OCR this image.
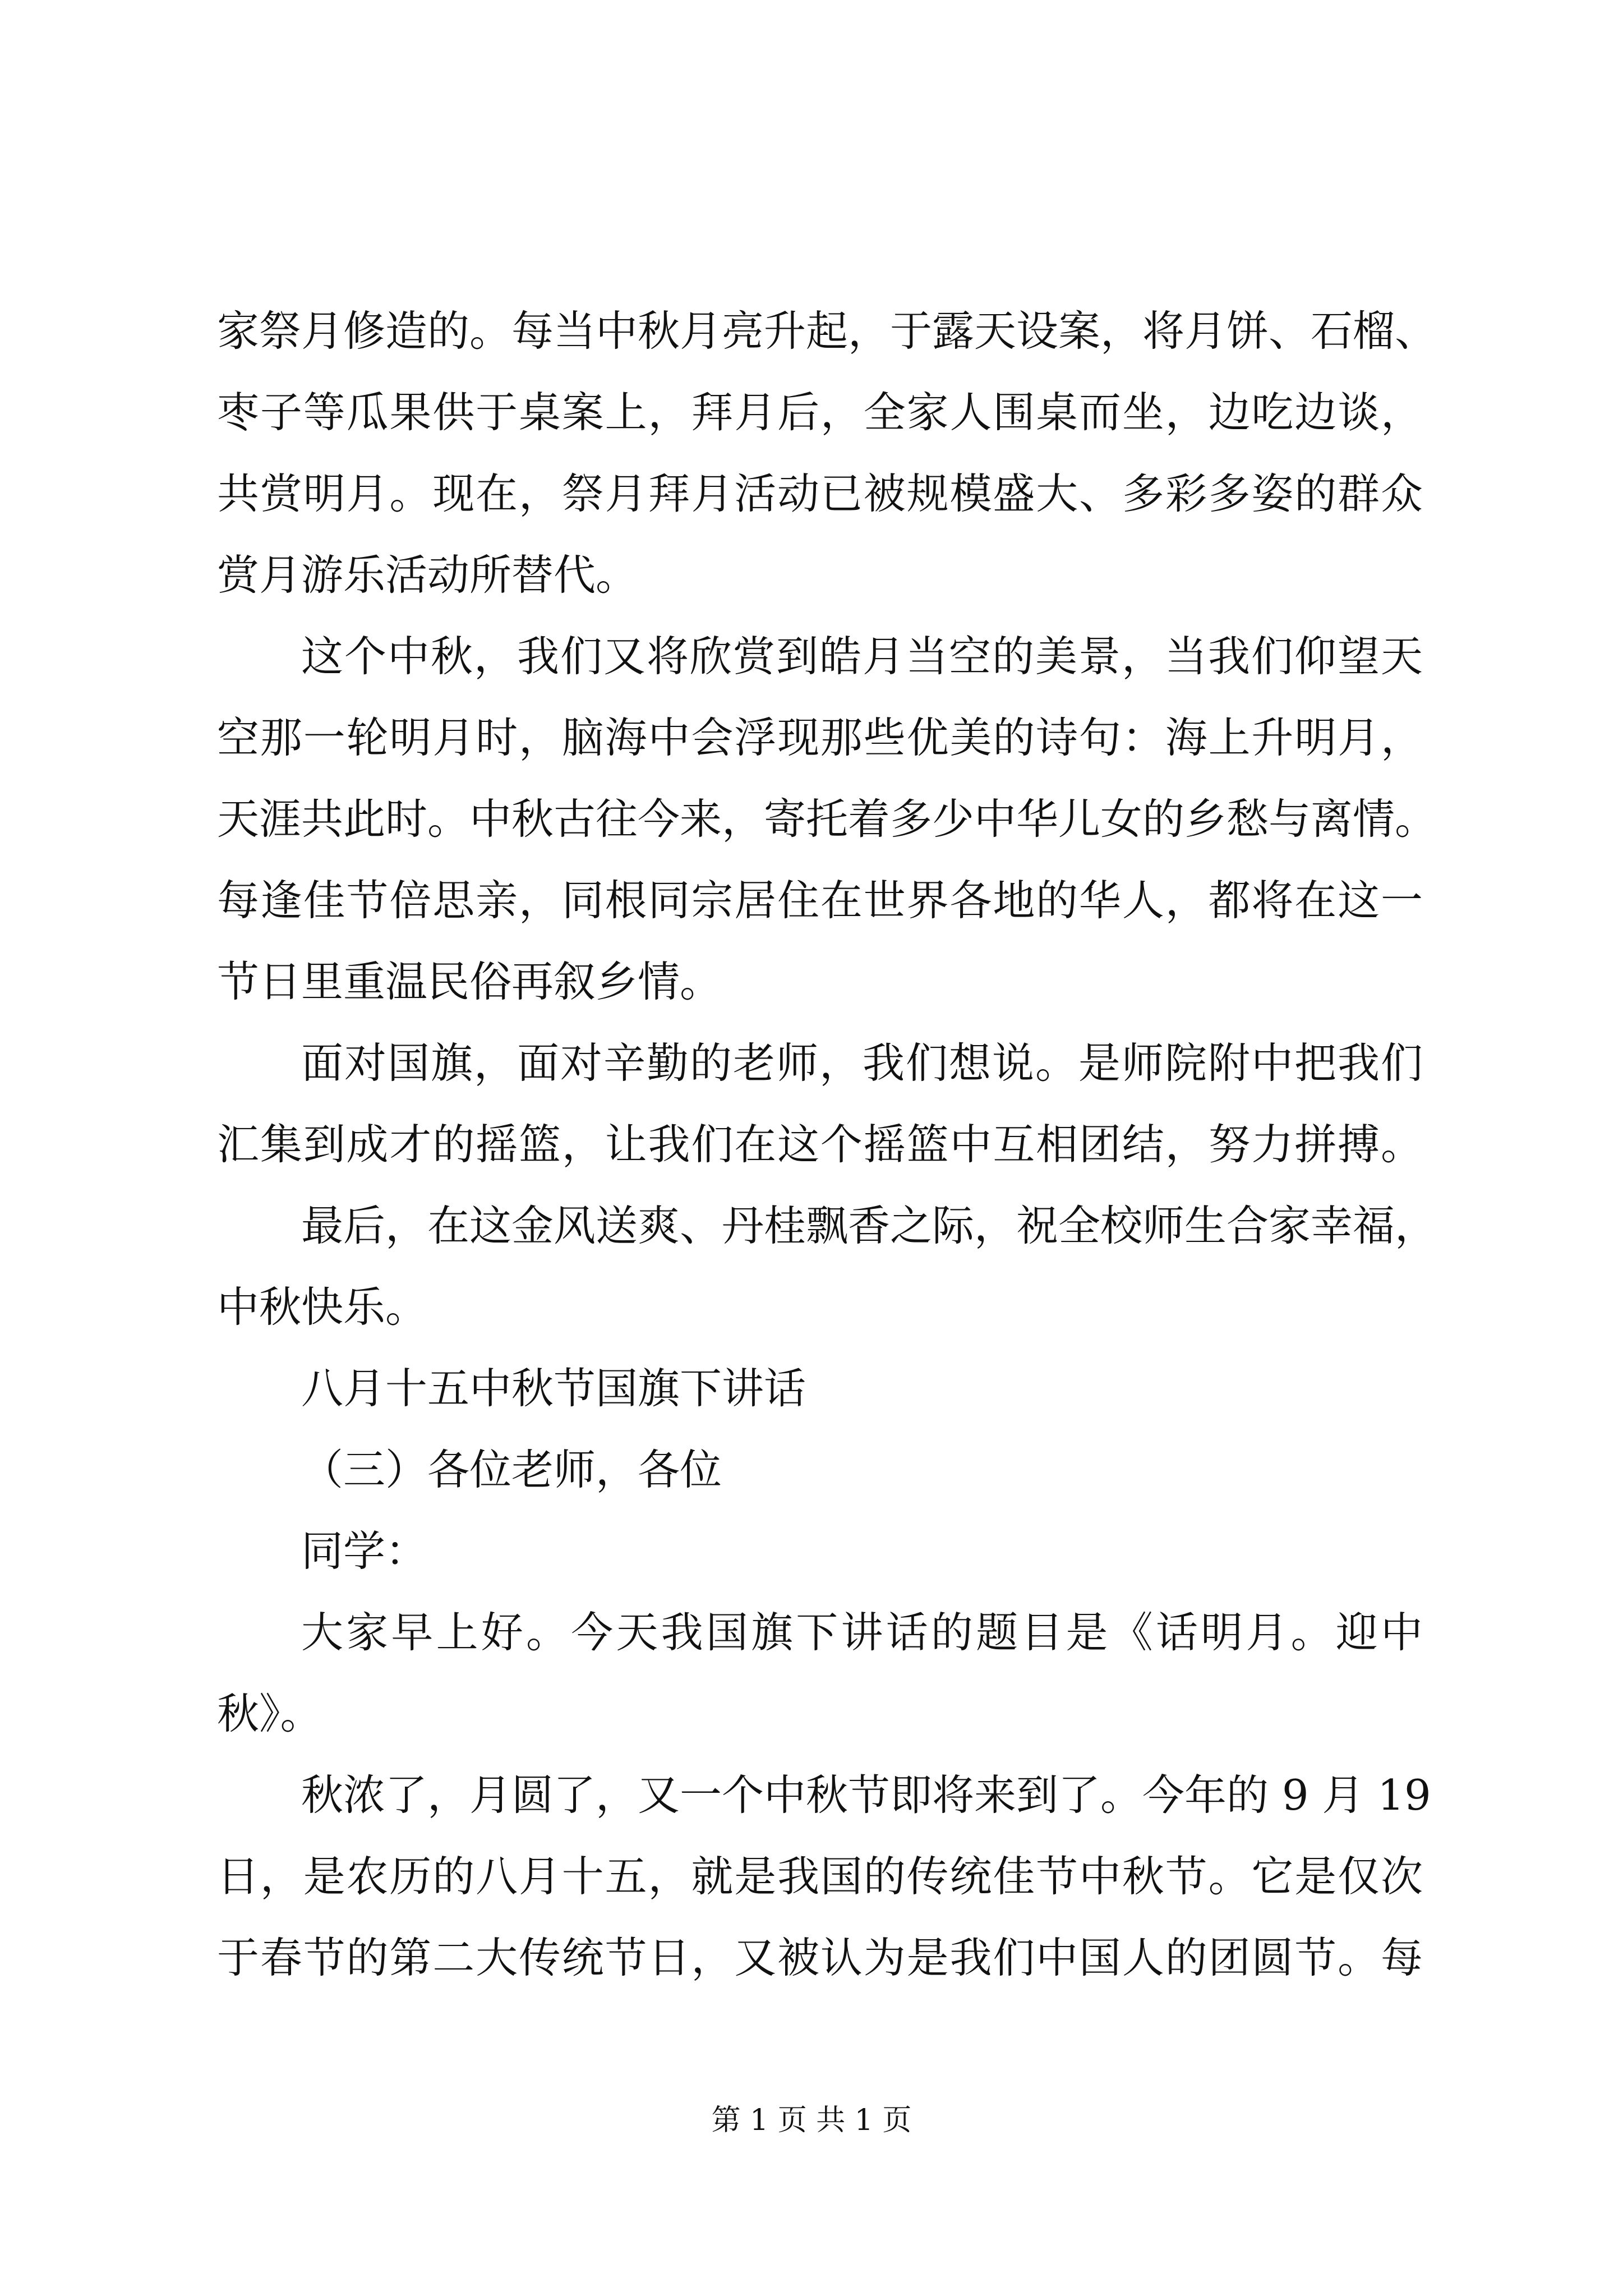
家祭月修造的。每当中秋月亮升起，于露天设案，将月饼、石榴、
枣子等瓜果供于桌案上，拜月后，全家人围桌而坐，边吃边谈，
共赏明月。现在，祭月拜月活动已被规模盛大、多彩多姿的群众
赏月游乐活动所替代。
这个中秋，我们又将欣赏到皓月当空的美景，当我们仰望天
空那一轮明月时，脑海中会浮现那些优美的诗句：海上升明月，
天涯共此时。中秋古往今来，寄托着多少中华儿女的乡愁与离情。
每逢佳节倍思亲，同根同宗居住在世界各地的华人，都将在这一
节日里重温民俗再叙乡情。
面对国旗，面对辛勤的老师，我们想说。是师院附中把我们
汇集到成才的摇篮，让我们在这个摇篮中互相团结，努力拼搏。
最后，在这金风送爽、丹桂飘香之际，祝全校师生合家幸福，
中秋快乐。
八月十五中秋节国旗下讲话
（三）各位老师，各位
同学：
大家早上好。今天我国旗下讲话的题目是《话明月。迎中
秋》。
秋浓了，月圆了，又一个中秋节即将来到了。今年的 9 月 19
日，是农历的八月十五，就是我国的传统佳节中秋节。它是仅次
于春节的第二大传统节日，又被认为是我们中国人的团圆节。每
第 1 页 共 1 页
